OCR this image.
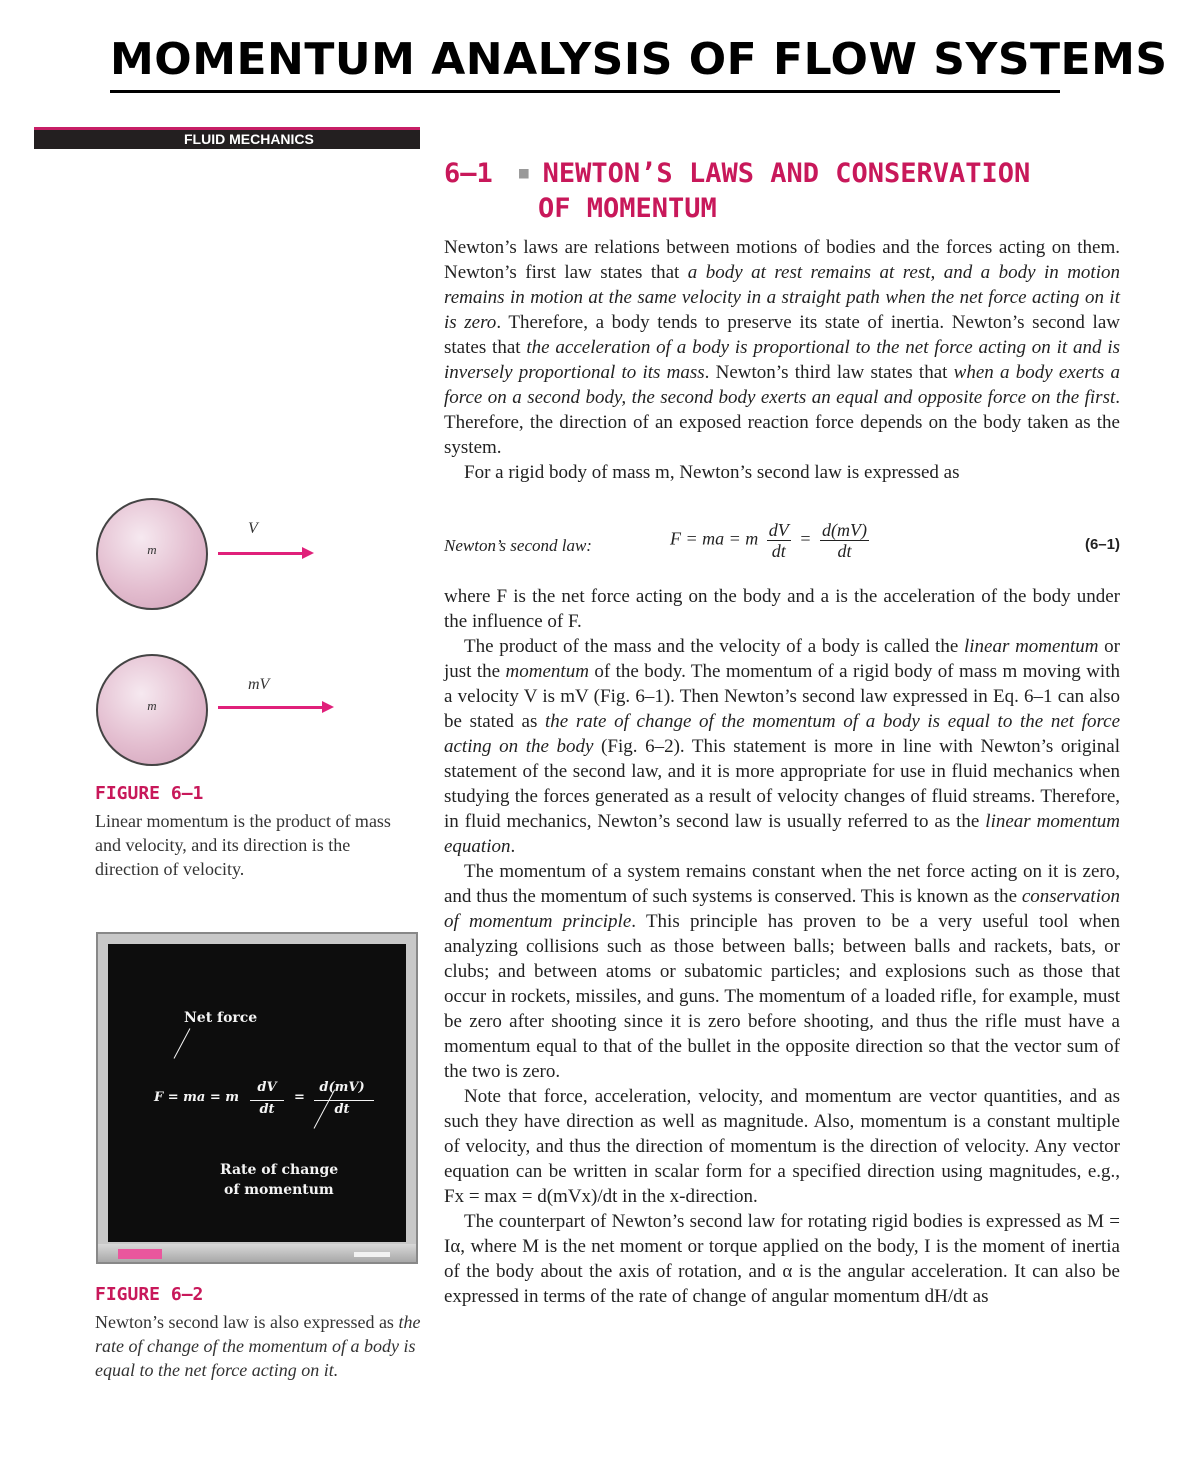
MOMENTUM ANALYSIS OF FLOW SYSTEMS
FLUID MECHANICS
6–1 ■ NEWTON’S LAWS AND CONSERVATION
OF MOMENTUM

Newton’s laws are relations between motions of bodies and the forces acting on them. Newton’s first law states that a body at rest remains at rest, and a body in motion remains in motion at the same velocity in a straight path when the net force acting on it is zero. Therefore, a body tends to preserve its state of inertia. Newton’s second law states that the acceleration of a body is proportional to the net force acting on it and is inversely proportional to its mass. Newton’s third law states that when a body exerts a force on a second body, the second body exerts an equal and opposite force on the first. Therefore, the direction of an exposed reaction force depends on the body taken as the system.

For a rigid body of mass m, Newton’s second law is expressed as

Newton’s second law:	F = ma = m $\frac{dV}{dt} = \frac{d(mV)}{dt}$	(6–1)

where F is the net force acting on the body and a is the acceleration of the body under the influence of F.

The product of the mass and the velocity of a body is called the linear momentum or just the momentum of the body. The momentum of a rigid body of mass m moving with a velocity V is mV (Fig. 6–1). Then Newton’s second law expressed in Eq. 6–1 can also be stated as the rate of change of the momentum of a body is equal to the net force acting on the body (Fig. 6–2). This statement is more in line with Newton’s original statement of the second law, and it is more appropriate for use in fluid mechanics when studying the forces generated as a result of velocity changes of fluid streams. Therefore, in fluid mechanics, Newton’s second law is usually referred to as the linear momentum equation.

The momentum of a system remains constant when the net force acting on it is zero, and thus the momentum of such systems is conserved. This is known as the conservation of momentum principle. This principle has proven to be a very useful tool when analyzing collisions such as those between balls; between balls and rackets, bats, or clubs; and between atoms or subatomic particles; and explosions such as those that occur in rockets, missiles, and guns. The momentum of a loaded rifle, for example, must be zero after shooting since it is zero before shooting, and thus the rifle must have a momentum equal to that of the bullet in the opposite direction so that the vector sum of the two is zero.

Note that force, acceleration, velocity, and momentum are vector quantities, and as such they have direction as well as magnitude. Also, momentum is a constant multiple of velocity, and thus the direction of momentum is the direction of velocity. Any vector equation can be written in scalar form for a specified direction using magnitudes, e.g., Fx = max = d(mVx)/dt in the x-direction.

The counterpart of Newton’s second law for rotating rigid bodies is expressed as M = Iα, where M is the net moment or torque applied on the body, I is the moment of inertia of the body about the axis of rotation, and α is the angular acceleration. It can also be expressed in terms of the rate of change of angular momentum dH/dt as

m
V
m
mV
FIGURE 6–1
Linear momentum is the product of mass and velocity, and its direction is the direction of velocity.
Net force
F = ma = m
dV
dt
=
d(mV)
dt
Rate of change
of momentum
FIGURE 6–2
Newton’s second law is also expressed as the rate of change of the momentum of a body is equal to the net force acting on it.
